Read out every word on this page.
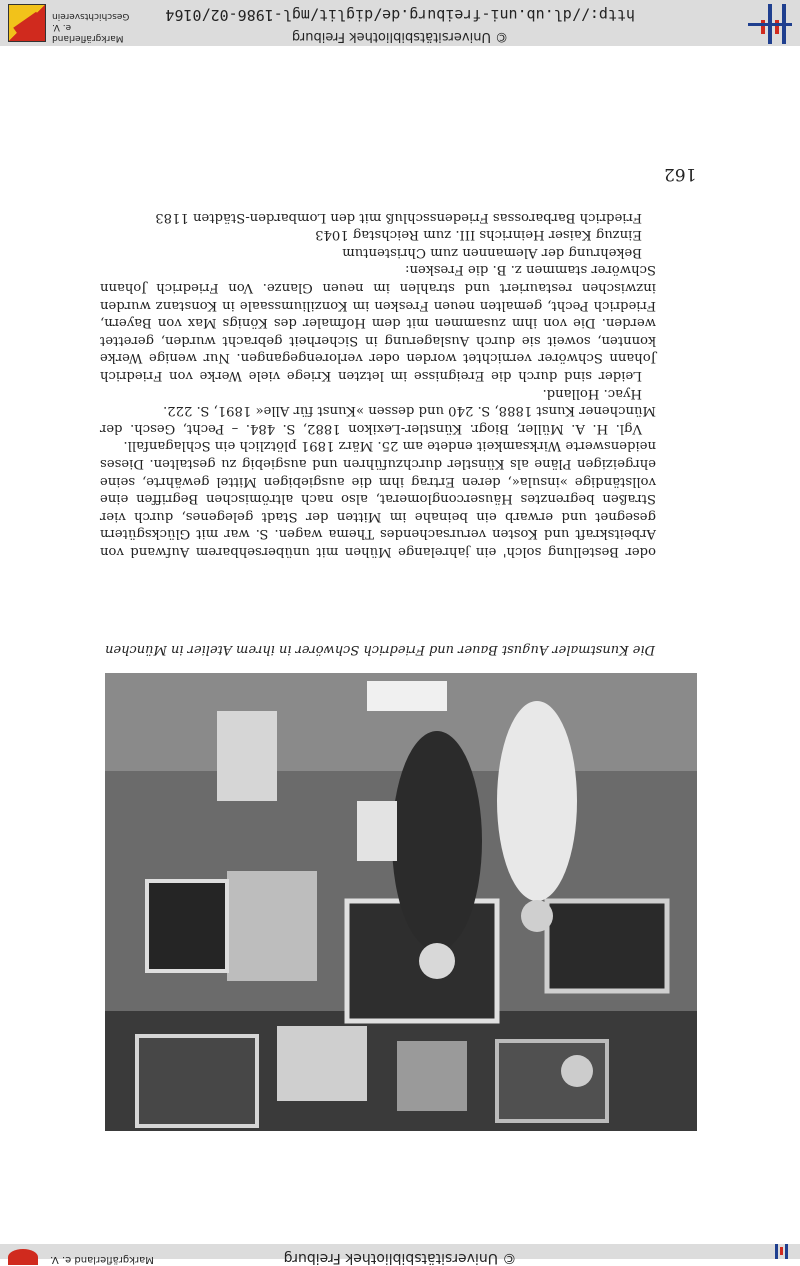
http://dl.ub.uni-freiburg.de/diglit/mgl-1986-02/0164
© Universitätsbibliothek Freiburg
Markgräflerland e. V. Geschichtsverein
162

oder Bestellung solch' ein jahrelange Mühen mit unübersehbarem Aufwand von Arbeitskraft und Kosten verursachendes Thema wagen. S. war mit Glücksgütern gesegnet und erwarb ein beinahe im Mitten der Stadt gelegenes, durch vier Straßen begrenztes Häuserconglomerat, also nach altrömischen Begriffen eine vollständige »insula«, deren Ertrag ihm die ausgiebigen Mittel gewährte, seine ehrgeizigen Pläne als Künstler durchzuführen und ausgiebig zu gestalten. Dieses neidenswerte Wirksamkeit endete am 25. März 1891 plötzlich ein Schlaganfall.

Vgl. H. A. Müller, Biogr. Künstler-Lexikon 1882, S. 484. – Pecht, Gesch. der Münchener Kunst 1888, S. 240 und dessen »Kunst für Alle« 1891, S. 222.

Hyac. Holland.

Leider sind durch die Ereignisse im letzten Kriege viele Werke von Friedrich Johann Schwörer vernichtet worden oder verlorengegangen. Nur wenige Werke konnten, soweit sie durch Auslagerung in Sicherheit gebracht wurden, gerettet werden. Die von ihm zusammen mit dem Hofmaler des Königs Max von Bayern, Friedrich Pecht, gemalten neuen Fresken im Konziliumssaale in Konstanz wurden inzwischen restauriert und strahlen im neuen Glanze. Von Friedrich Johann Schwörer stammen z. B. die Fresken:

Bekehrung der Alemannen zum Christentum

Einzug Kaiser Heinrichs III. zum Reichstag 1043

Friedrich Barbarossas Friedensschluß mit den Lombarden-Städten 1183

Die Kunstmaler August Bauer und Friedrich Schwörer in ihrem Atelier in München
© Universitätsbibliothek Freiburg
Markgräflerland e. V.
